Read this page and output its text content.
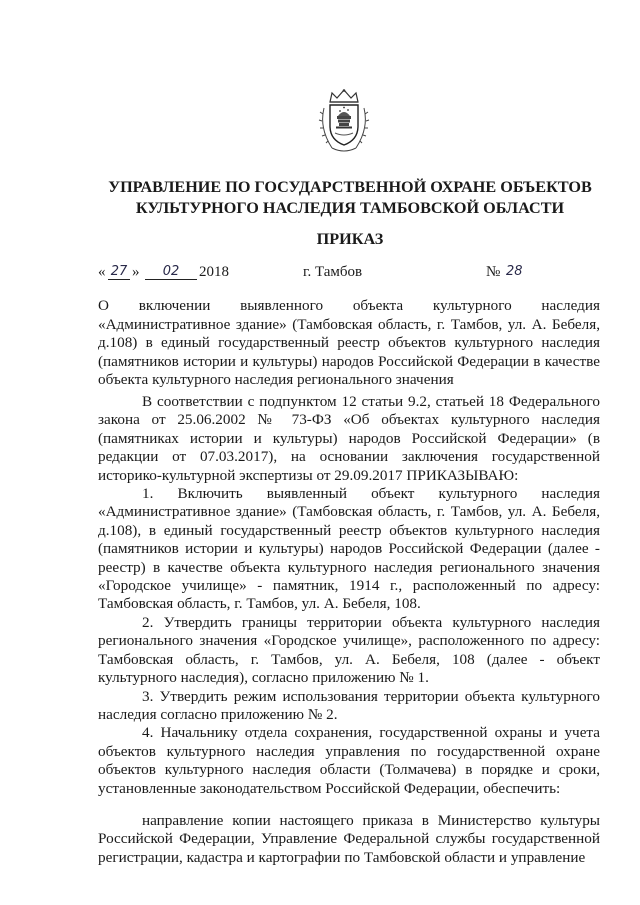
УПРАВЛЕНИЕ ПО ГОСУДАРСТВЕННОЙ ОХРАНЕ ОБЪЕКТОВ
КУЛЬТУРНОГО НАСЛЕДИЯ ТАМБОВСКОЙ ОБЛАСТИ
ПРИКАЗ
« 27 »	02	2018	г. Тамбов	№ 28
О включении выявленного объекта культурного наследия «Административное здание» (Тамбовская область, г. Тамбов, ул. А. Бебеля, д.108) в единый государственный реестр объектов культурного наследия (памятников истории и культуры) народов Российской Федерации в качестве объекта культурного наследия регионального значения

В соответствии с подпунктом 12 статьи 9.2, статьей 18 Федерального закона от 25.06.2002 № 73-ФЗ «Об объектах культурного наследия (памятниках истории и культуры) народов Российской Федерации» (в редакции от 07.03.2017), на основании заключения государственной историко-культурной экспертизы от 29.09.2017 ПРИКАЗЫВАЮ:

1. Включить выявленный объект культурного наследия «Административное здание» (Тамбовская область, г. Тамбов, ул. А. Бебеля, д.108), в единый государственный реестр объектов культурного наследия (памятников истории и культуры) народов Российской Федерации (далее - реестр) в качестве объекта культурного наследия регионального значения «Городское училище» - памятник, 1914 г., расположенный по адресу: Тамбовская область, г. Тамбов, ул. А. Бебеля, 108.

2. Утвердить границы территории объекта культурного наследия регионального значения «Городское училище», расположенного по адресу: Тамбовская область, г. Тамбов, ул. А. Бебеля, 108 (далее - объект культурного наследия), согласно приложению № 1.

3. Утвердить режим использования территории объекта культурного наследия согласно приложению № 2.

4. Начальнику отдела сохранения, государственной охраны и учета объектов культурного наследия управления по государственной охране объектов культурного наследия области (Толмачева) в порядке и сроки, установленные законодательством Российской Федерации, обеспечить:

направление копии настоящего приказа в Министерство культуры Российской Федерации, Управление Федеральной службы государственной регистрации, кадастра и картографии по Тамбовской области и управление
